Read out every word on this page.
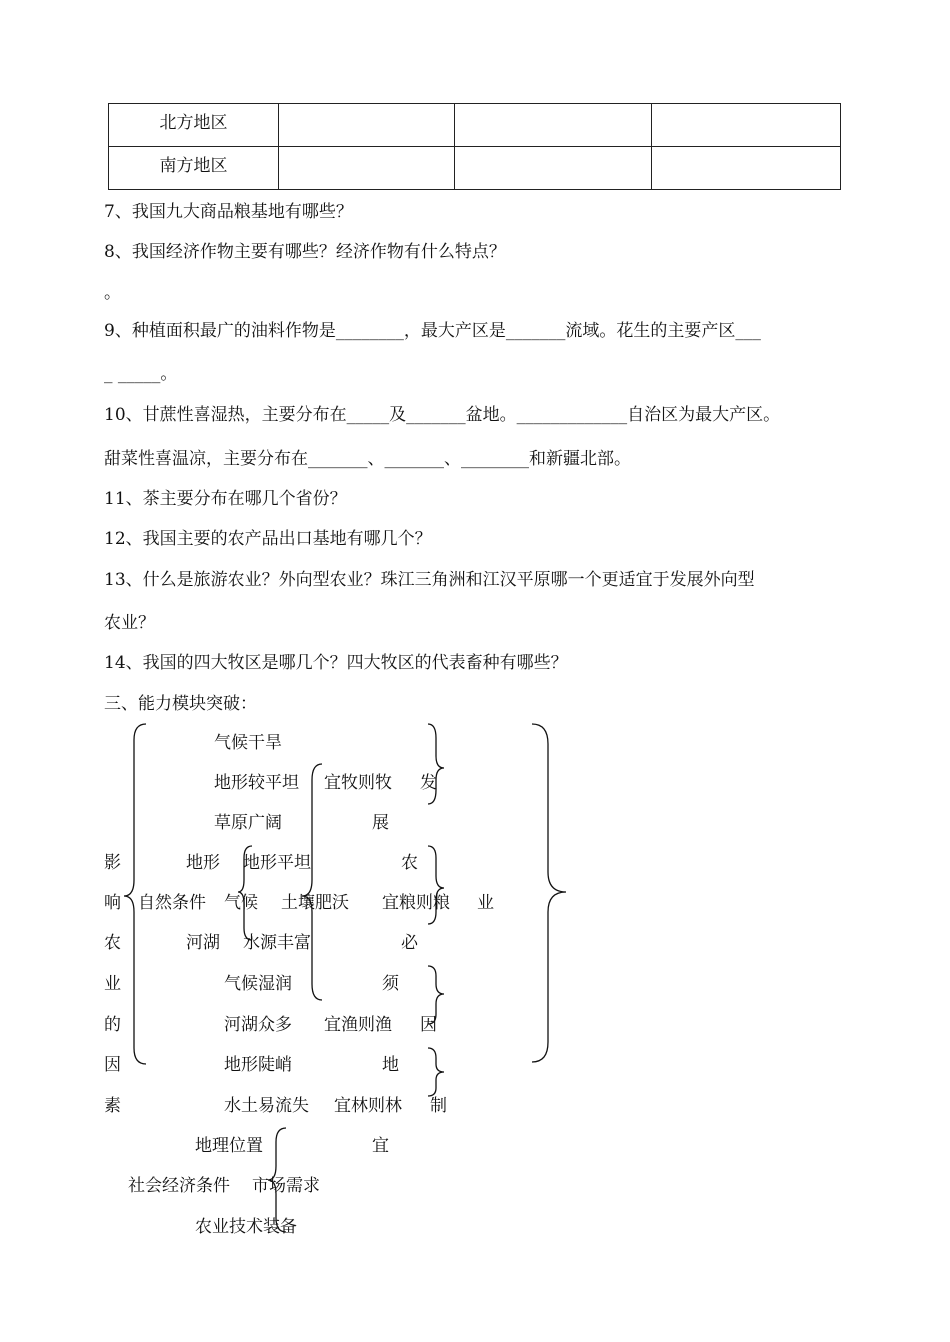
北方地区			
南方地区			
7、我国九大商品粮基地有哪些？
8、我国经济作物主要有哪些？经济作物有什么特点？
。
9、种植面积最广的油料作物是________，最大产区是_______流域。花生的主要产区___
_ _____。
10、甘蔗性喜湿热，主要分布在_____及_______盆地。_____________自治区为最大产区。
甜菜性喜温凉，主要分布在_______、_______、________和新疆北部。
11、茶主要分布在哪几个省份？
12、我国主要的农产品出口基地有哪几个？
13、什么是旅游农业？外向型农业？珠江三角洲和江汉平原哪一个更适宜于发展外向型
农业？
14、我国的四大牧区是哪几个？四大牧区的代表畜种有哪些？
三、能力模块突破：
影
响
农
业
的
因
素
自然条件
地形
气候
河湖
气候干旱
地形较平坦
草原广阔
地形平坦
土壤肥沃
水源丰富
气候湿润
河湖众多
地形陡峭
水土易流失
宜牧则牧
宜粮则粮
宜渔则渔
宜林则林
发
展
农
业
必
须
因
地
制
宜
地理位置
社会经济条件 市场需求
农业技术装备
